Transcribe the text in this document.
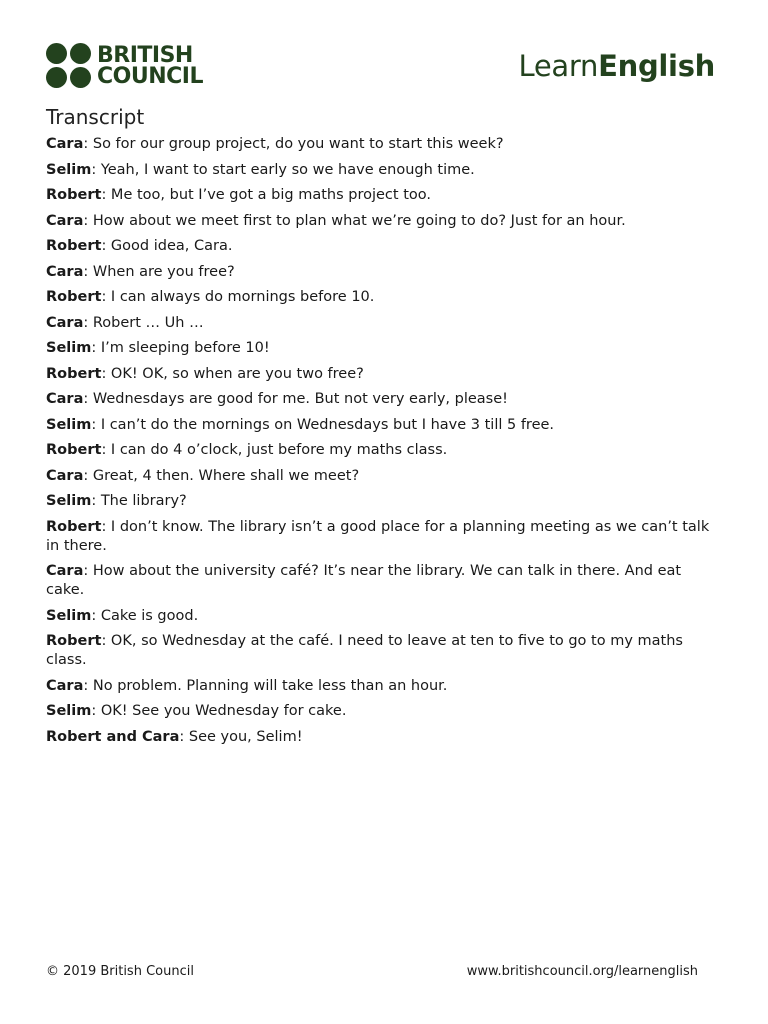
BRITISH
COUNCIL	LearnEnglish
Transcript

Cara: So for our group project, do you want to start this week?

Selim: Yeah, I want to start early so we have enough time.

Robert: Me too, but I’ve got a big maths project too.

Cara: How about we meet first to plan what we’re going to do? Just for an hour.

Robert: Good idea, Cara.

Cara: When are you free?

Robert: I can always do mornings before 10.

Cara: Robert … Uh …

Selim: I’m sleeping before 10!

Robert: OK! OK, so when are you two free?

Cara: Wednesdays are good for me. But not very early, please!

Selim: I can’t do the mornings on Wednesdays but I have 3 till 5 free.

Robert: I can do 4 o’clock, just before my maths class.

Cara: Great, 4 then. Where shall we meet?

Selim: The library?

Robert: I don’t know. The library isn’t a good place for a planning meeting as we can’t talk in there.

Cara: How about the university café? It’s near the library. We can talk in there. And eat cake.

Selim: Cake is good.

Robert: OK, so Wednesday at the café. I need to leave at ten to five to go to my maths class.

Cara: No problem. Planning will take less than an hour.

Selim: OK! See you Wednesday for cake.

Robert and Cara: See you, Selim!

© 2019 British Council	www.britishcouncil.org/learnenglish
